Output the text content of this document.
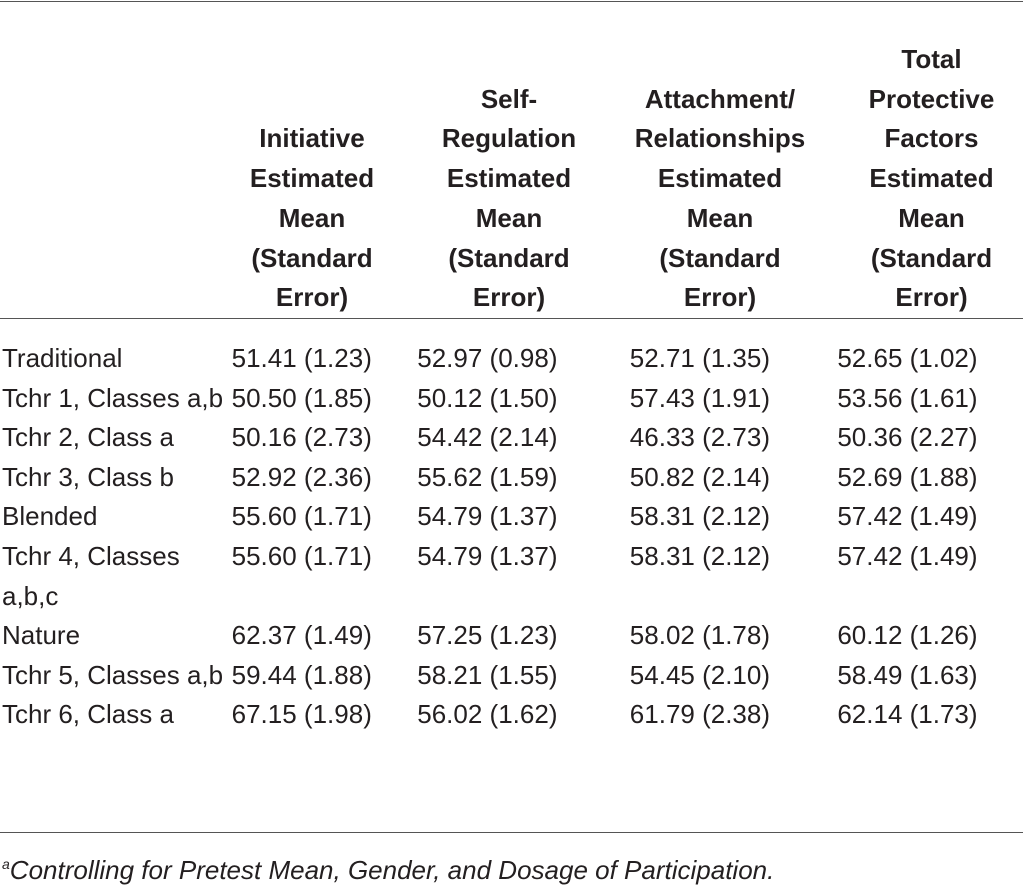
Initiative
Estimated
Mean
(Standard
Error)
Self-
Regulation
Estimated
Mean
(Standard
Error)
Attachment/
Relationships
Estimated
Mean
(Standard
Error)
Total
Protective
Factors
Estimated
Mean
(Standard
Error)
Traditional	51.41 (1.23)	52.97 (0.98)	52.71 (1.35)	52.65 (1.02)
Tchr 1, Classes a,b	50.50 (1.85)	50.12 (1.50)	57.43 (1.91)	53.56 (1.61)
Tchr 2, Class a	50.16 (2.73)	54.42 (2.14)	46.33 (2.73)	50.36 (2.27)
Tchr 3, Class b	52.92 (2.36)	55.62 (1.59)	50.82 (2.14)	52.69 (1.88)
Blended	55.60 (1.71)	54.79 (1.37)	58.31 (2.12)	57.42 (1.49)
Tchr 4, Classes a,b,c	55.60 (1.71)	54.79 (1.37)	58.31 (2.12)	57.42 (1.49)
Nature	62.37 (1.49)	57.25 (1.23)	58.02 (1.78)	60.12 (1.26)
Tchr 5, Classes a,b	59.44 (1.88)	58.21 (1.55)	54.45 (2.10)	58.49 (1.63)
Tchr 6, Class a	67.15 (1.98)	56.02 (1.62)	61.79 (2.38)	62.14 (1.73)
$^a$Controlling for Pretest Mean, Gender, and Dosage of Participation.
